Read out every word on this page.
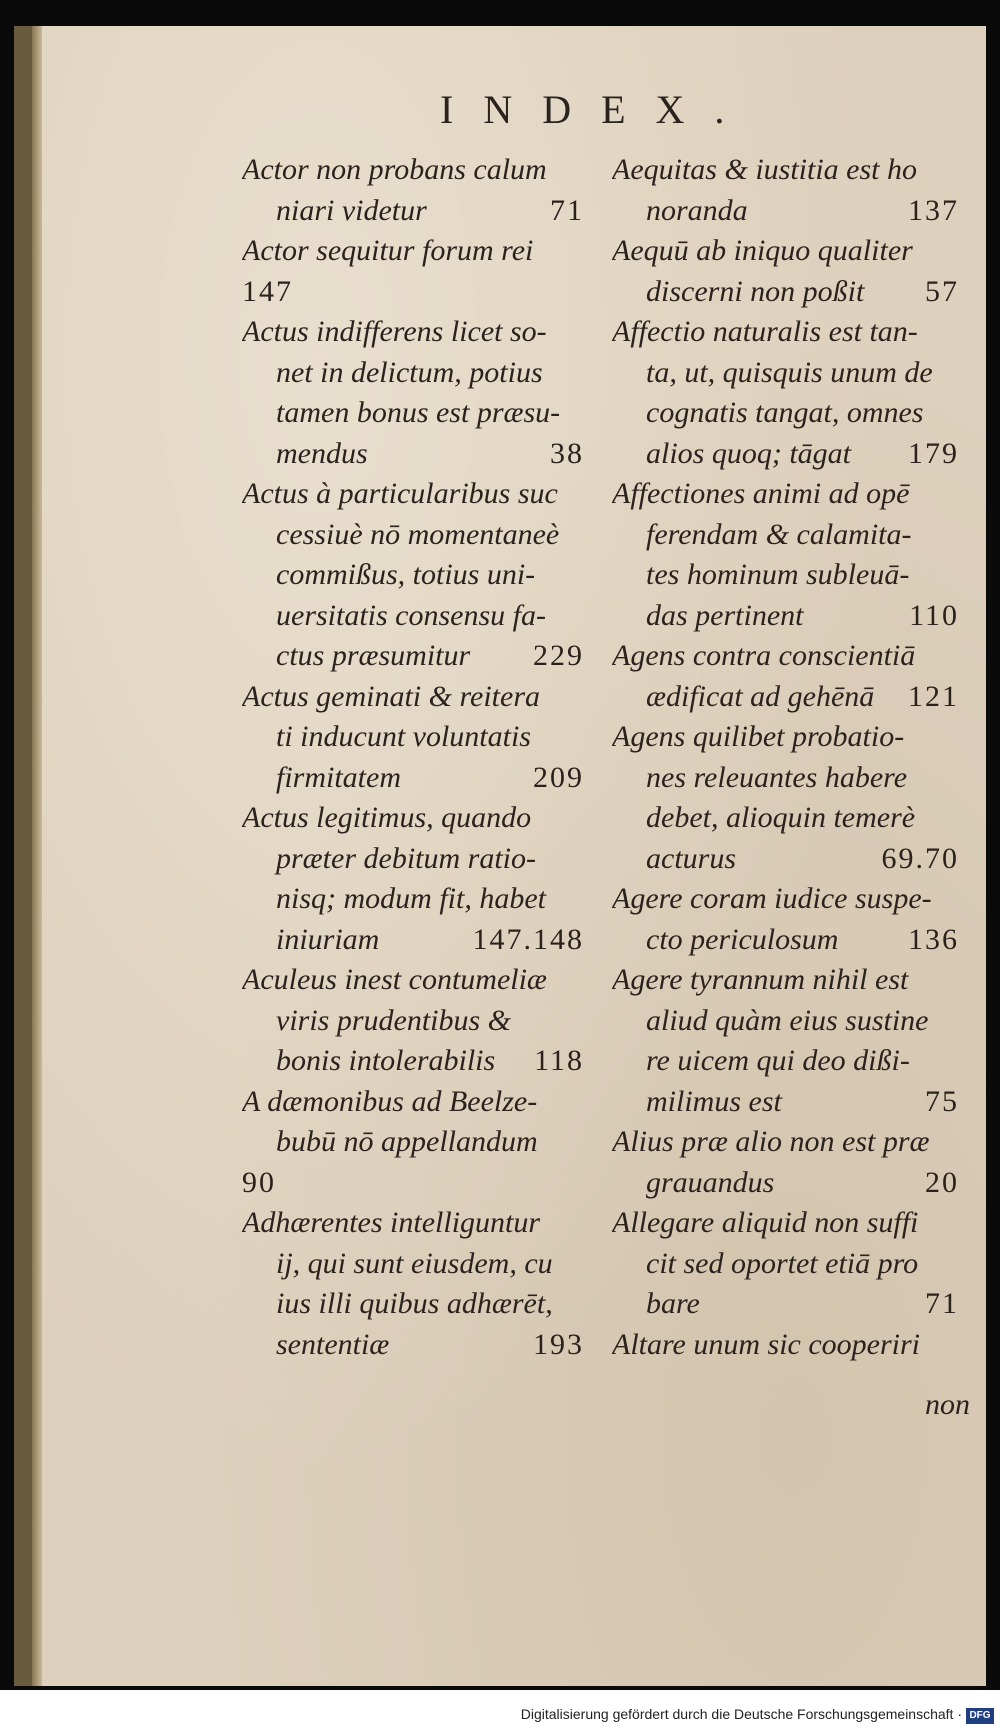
INDEX.
Actor non probans calum
niari videtur	71
Actor sequitur forum rei
147
Actus indifferens licet so-
net in delictum, potius
tamen bonus est præsu-
mendus	38
Actus à particularibus suc
cessiuè nō momentaneè
commißus, totius uni-
uersitatis consensu fa-
ctus præsumitur 229
Actus geminati & reitera
ti inducunt voluntatis
firmitatem	209
Actus legitimus, quando
præter debitum ratio-
nisq; modum fit, habet
iniuriam	147.148
Aculeus inest contumeliæ
viris prudentibus &
bonis intolerabilis 118
A dæmonibus ad Beelze-
bubū nō appellandum
90
Adhærentes intelliguntur
ij, qui sunt eiusdem, cu
ius illi quibus adhærēt,
sententiæ	193
Aequitas & iustitia est ho
noranda	137
Aequū ab iniquo qualiter
discerni non poßit 57
Affectio naturalis est tan-
ta, ut, quisquis unum de
cognatis tangat, omnes
alios quoq; tāgat 179
Affectiones animi ad opē
ferendam & calamita-
tes hominum subleuā-
das pertinent	110
Agens contra conscientiā
ædificat ad gehēnā 121
Agens quilibet probatio-
nes releuantes habere
debet, alioquin temerè
acturus	69.70
Agere coram iudice suspe-
cto periculosum 136
Agere tyrannum nihil est
aliud quàm eius sustine
re uicem qui deo dißi-
milimus est	75
Alius præ alio non est præ
grauandus	20
Allegare aliquid non suffi
cit sed oportet etiā pro
bare	71
Altare unum sic cooperiri
non
Digitalisierung gefördert durch die Deutsche Forschungsgemeinschaft · DFG
